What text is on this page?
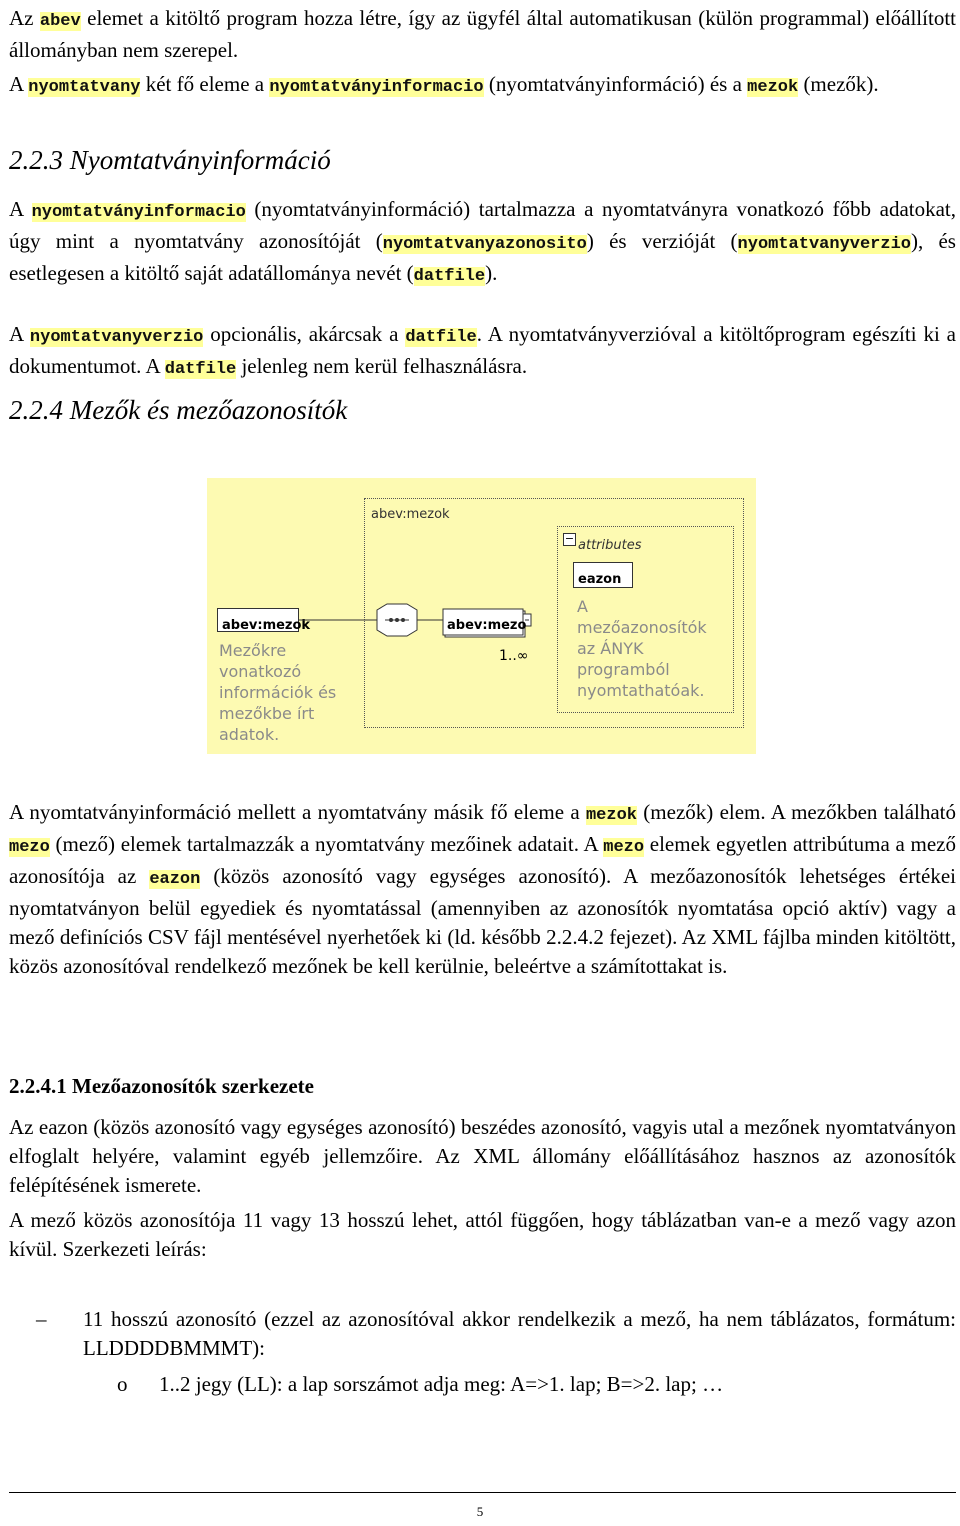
Az abev elemet a kitöltő program hozza létre, így az ügyfél által automatikusan (külön programmal) előállított állományban nem szerepel.

A nyomtatvany két fő eleme a nyomtatványinformacio (nyomtatványinformáció) és a mezok (mezők).

2.2.3 Nyomtatványinformáció

A nyomtatványinformacio (nyomtatványinformáció) tartalmazza a nyomtatványra vonatkozó főbb adatokat, úgy mint a nyomtatvány azonosítóját (nyomtatvanyazonosito) és verzióját (nyomtatvanyverzio), és esetlegesen a kitöltő saját adatállománya nevét (datfile).

A nyomtatvanyverzio opcionális, akárcsak a datfile. A nyomtatványverzióval a kitöltőprogram egészíti ki a dokumentumot. A datfile jelenleg nem kerül felhasználásra.

2.2.4 Mezők és mezőazonosítók
abev:mezok
− attributes
eazon
A
mezőazonosítók
az ÁNYK
programból
nyomtathatóak.
abev:mezok
Mezőkre
vonatkozó
információk és
mezőkbe írt
adatok.
abev:mezo
1..∞

A nyomtatványinformáció mellett a nyomtatvány másik fő eleme a mezok (mezők) elem. A mezőkben található mezo (mező) elemek tartalmazzák a nyomtatvány mezőinek adatait. A mezo elemek egyetlen attribútuma a mező azonosítója az eazon (közös azonosító vagy egységes azonosító). A mezőazonosítók lehetséges értékei nyomtatványon belül egyediek és nyomtatással (amennyiben az azonosítók nyomtatása opció aktív) vagy a mező definíciós CSV fájl mentésével nyerhetőek ki (ld. később 2.2.4.2 fejezet). Az XML fájlba minden kitöltött, közös azonosítóval rendelkező mezőnek be kell kerülnie, beleértve a számítottakat is.

2.2.4.1 Mezőazonosítók szerkezete

Az eazon (közös azonosító vagy egységes azonosító) beszédes azonosító, vagyis utal a mezőnek nyomtatványon elfoglalt helyére, valamint egyéb jellemzőire. Az XML állomány előállításához hasznos az azonosítók felépítésének ismerete.

A mező közös azonosítója 11 vagy 13 hosszú lehet, attól függően, hogy táblázatban van-e a mező vagy azon kívül. Szerkezeti leírás:

– 11 hosszú azonosító (ezzel az azonosítóval akkor rendelkezik a mező, ha nem táblázatos, formátum: LLDDDDBMMMT):

o 1..2 jegy (LL): a lap sorszámot adja meg: A=>1. lap; B=>2. lap; …

5
